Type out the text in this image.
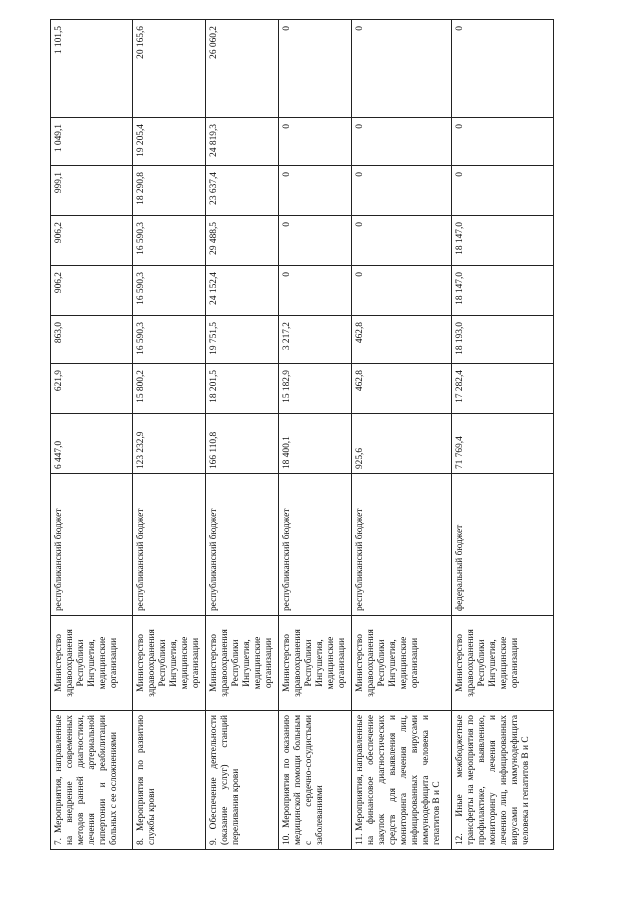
7. Мероприятия, направленные на внедрение современных методов ранней диагностики, лечения артериальной гипертонии и реабилитации больных с ее осложнениями	Министерство здравоохранения Республики Ингушетия, медицинские организации	республиканский бюджет	6 447,0	621,9	863,0	906,2	906,2	999,1	1 049,1	1 101,5
8. Мероприятия по развитию службы крови	Министерство здравоохранения Республики Ингушетия, медицинские организации	республиканский бюджет	123 232,9	15 800,2	16 590,3	16 590,3	16 590,3	18 290,8	19 205,4	20 165,6
9. Обеспечение деятельности (оказание услуг) станций переливания крови	Министерство здравоохранения Республики Ингушетия, медицинские организации	республиканский бюджет	166 110,8	18 201,5	19 751,5	24 152,4	29 488,5	23 637,4	24 819,3	26 060,2
10. Мероприятия по оказанию медицинской помощи больным с сердечно-сосудистыми заболеваниями	Министерство здравоохранения Республики Ингушетия, медицинские организации	республиканский бюджет	18 400,1	15 182,9	3 217,2	0	0	0	0	0
11. Мероприятия, направленные на финансовое обеспечение закупок диагностических средств для выявления и мониторинга лечения лиц, инфицированных вирусами иммунодефицита человека и гепатитов В и С	Министерство здравоохранения Республики Ингушетия, медицинские организации	республиканский бюджет	925,6	462,8	462,8	0	0	0	0	0
12. Иные межбюджетные трансферты на мероприятия по профилактике, выявлению, мониторингу лечения и лечению лиц, инфицированных вирусами иммунодефицита человека и гепатитов В и С	Министерство здравоохранения Республики Ингушетия, медицинские организации	федеральный бюджет	71 769,4	17 282,4	18 193,0	18 147,0	18 147,0	0	0	0
